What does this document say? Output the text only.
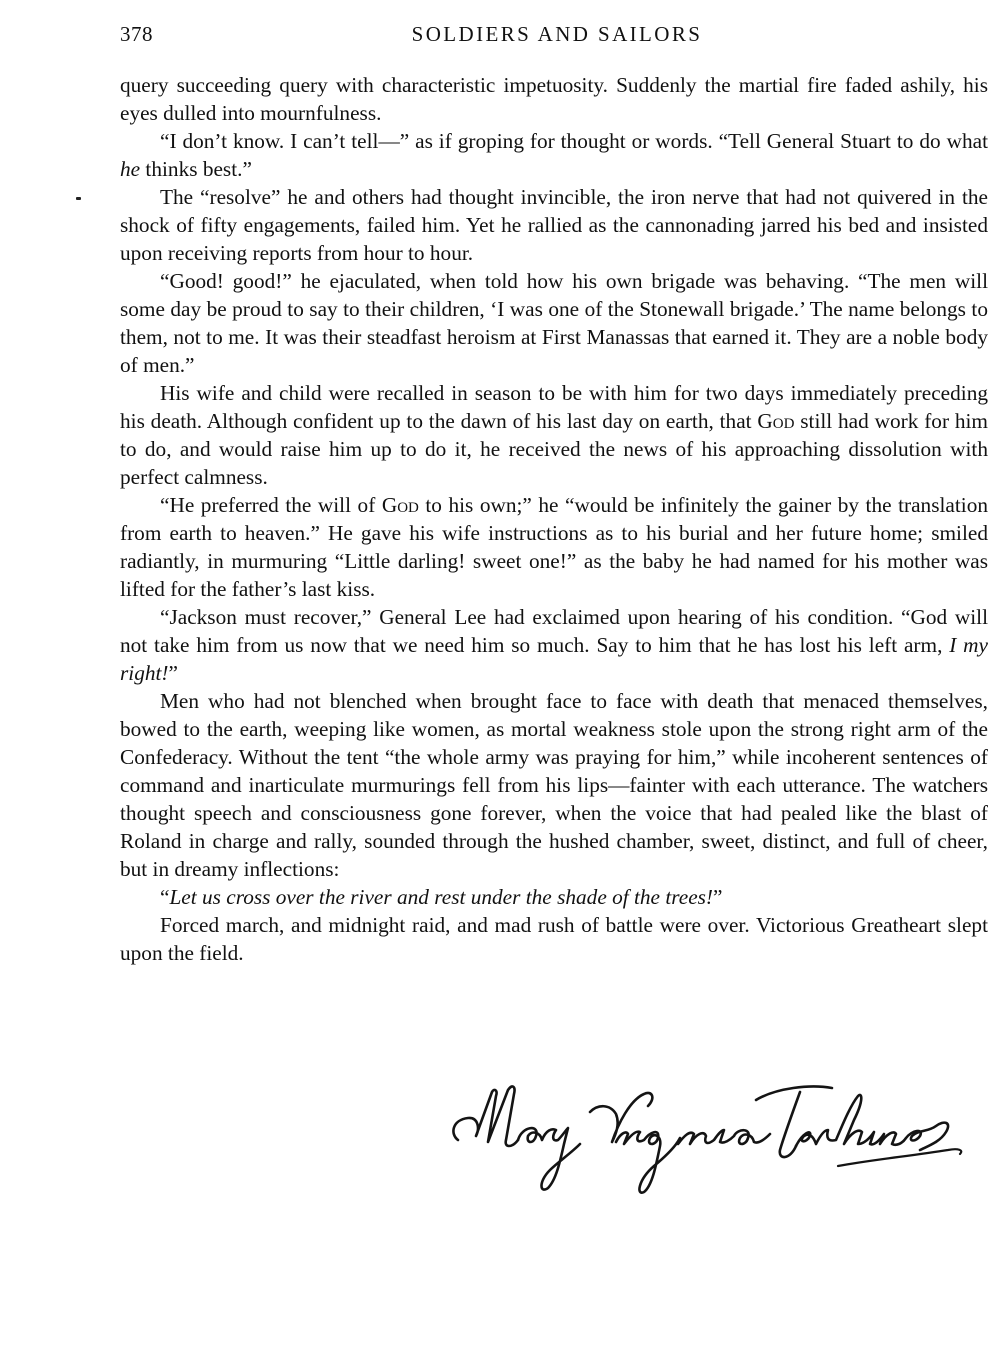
378	SOLDIERS AND SAILORS

query succeeding query with characteristic impetuosity. Suddenly the martial fire faded ashily, his eyes dulled into mournfulness.

“I don’t know. I can’t tell—” as if groping for thought or words. “Tell General Stuart to do what he thinks best.”

The “resolve” he and others had thought invincible, the iron nerve that had not quivered in the shock of fifty engagements, failed him. Yet he rallied as the cannonading jarred his bed and insisted upon receiving reports from hour to hour.

“Good! good!” he ejaculated, when told how his own brigade was behaving. “The men will some day be proud to say to their children, ‘I was one of the Stonewall brigade.’ The name belongs to them, not to me. It was their steadfast heroism at First Manassas that earned it. They are a noble body of men.”

His wife and child were recalled in season to be with him for two days immediately preceding his death. Although confident up to the dawn of his last day on earth, that God still had work for him to do, and would raise him up to do it, he received the news of his approaching dissolution with perfect calmness.

“He preferred the will of God to his own;” he “would be infinitely the gainer by the translation from earth to heaven.” He gave his wife instructions as to his burial and her future home; smiled radiantly, in murmuring “Little darling! sweet one!” as the baby he had named for his mother was lifted for the father’s last kiss.

“Jackson must recover,” General Lee had exclaimed upon hearing of his condition. “God will not take him from us now that we need him so much. Say to him that he has lost his left arm, I my right!”

Men who had not blenched when brought face to face with death that menaced themselves, bowed to the earth, weeping like women, as mortal weakness stole upon the strong right arm of the Confederacy. Without the tent “the whole army was praying for him,” while incoherent sentences of command and inarticulate murmurings fell from his lips—fainter with each utterance. The watchers thought speech and consciousness gone forever, when the voice that had pealed like the blast of Roland in charge and rally, sounded through the hushed chamber, sweet, distinct, and full of cheer, but in dreamy inflections:

“Let us cross over the river and rest under the shade of the trees!”

Forced march, and midnight raid, and mad rush of battle were over. Victorious Greatheart slept upon the field.

Mary Virginia Terhune
